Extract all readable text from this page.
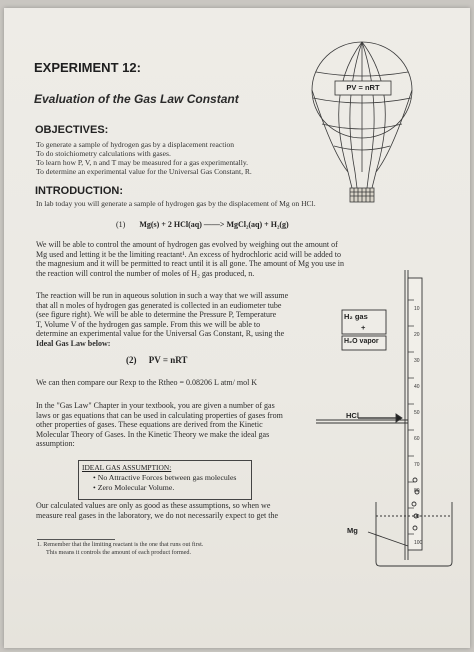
EXPERIMENT 12:
Evaluation of the Gas Law Constant
PV = nRT
OBJECTIVES:
To generate a sample of hydrogen gas by a displacement reaction
To do stoichiometry calculations with gases.
To learn how P, V, n and T may be measured for a gas experimentally.
To determine an experimental value for the Universal Gas Constant, R.
INTRODUCTION:
In lab today you will generate a sample of hydrogen gas by the displacement of Mg on HCl.
(1) Mg(s) + 2 HCl(aq) ——> MgCl₂(aq) + H₂(g)
We will be able to control the amount of hydrogen gas evolved by weighing out the amount of
Mg used and letting it be the limiting reactant¹. An excess of hydrochloric acid will be added to
the magnesium and it will be permitted to react until it is all gone. The amount of Mg you use in
the reaction will control the number of moles of H₂ gas produced, n.
The reaction will be run in aqueous solution in such a way that we will assume
that all n moles of hydrogen gas generated is collected in an eudiometer tube
(see figure right). We will be able to determine the Pressure P, Temperature
T, Volume V of the hydrogen gas sample. From this we will be able to
determine an experimental value for the Universal Gas Constant, R, using the
Ideal Gas Law below:
(2) PV = nRT
We can then compare our Rexp to the Rtheo = 0.08206 L atm/ mol K
In the "Gas Law" Chapter in your textbook, you are given a number of gas
laws or gas equations that can be used in calculating properties of gases from
other properties of gases. These equations are derived from the Kinetic
Molecular Theory of Gases. In the Kinetic Theory we make the ideal gas
assumption:
IDEAL GAS ASSUMPTION:
• No Attractive Forces between gas molecules
• Zero Molecular Volume.
Our calculated values are only as good as these assumptions, so when we
measure real gases in the laboratory, we do not necessarily expect to get the
1. Remember that the limiting reactant is the one that runs out first.
This means it controls the amount of each product formed.
H₂ gas
+
H₂O vapor
HCl
Mg
10
20
30
40
50
60
70
80
90
100
